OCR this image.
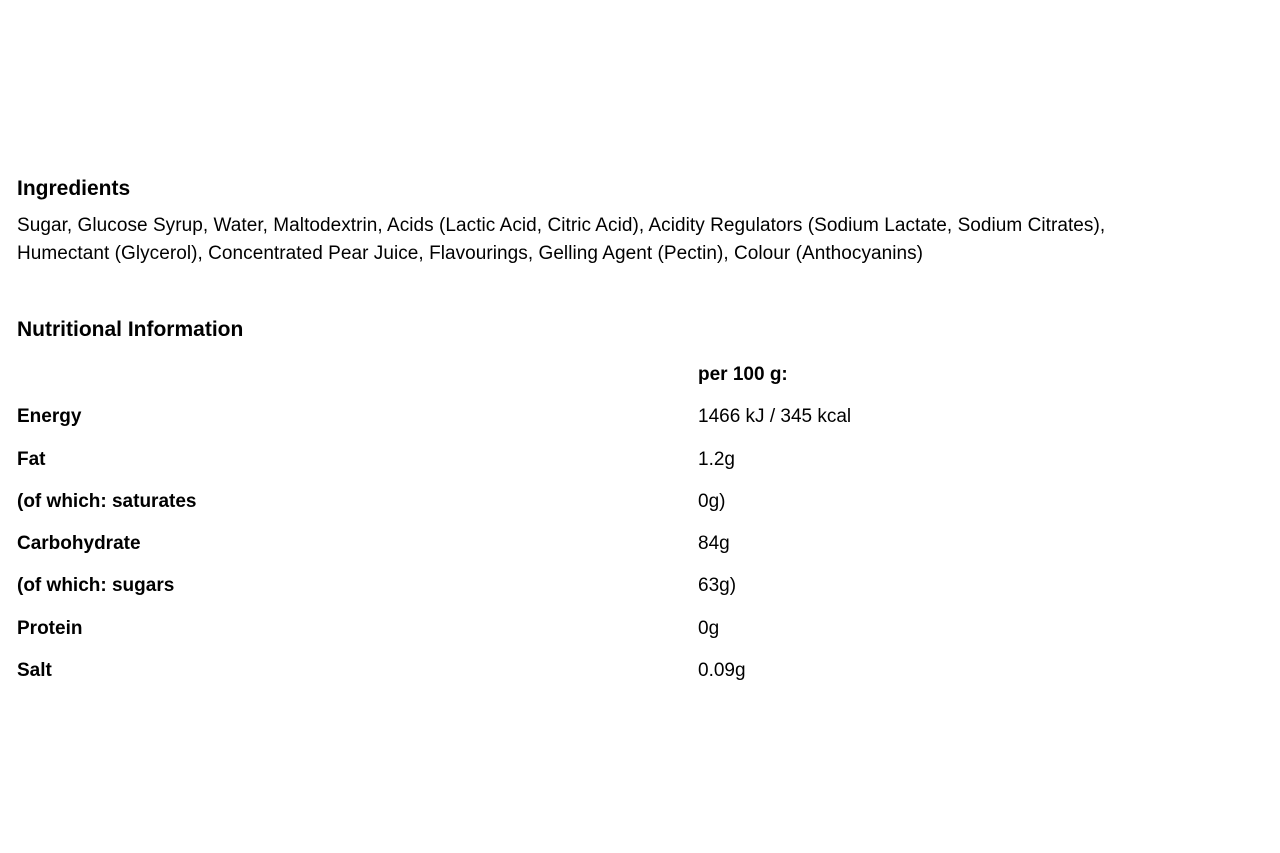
Ingredients
Sugar, Glucose Syrup, Water, Maltodextrin, Acids (Lactic Acid, Citric Acid), Acidity Regulators (Sodium Lactate, Sodium Citrates),
Humectant (Glycerol), Concentrated Pear Juice, Flavourings, Gelling Agent (Pectin), Colour (Anthocyanins)
Nutritional Information
per 100 g:
Energy	1466 kJ / 345 kcal
Fat	1.2g
(of which: saturates	0g)
Carbohydrate	84g
(of which: sugars	63g)
Protein	0g
Salt	0.09g
